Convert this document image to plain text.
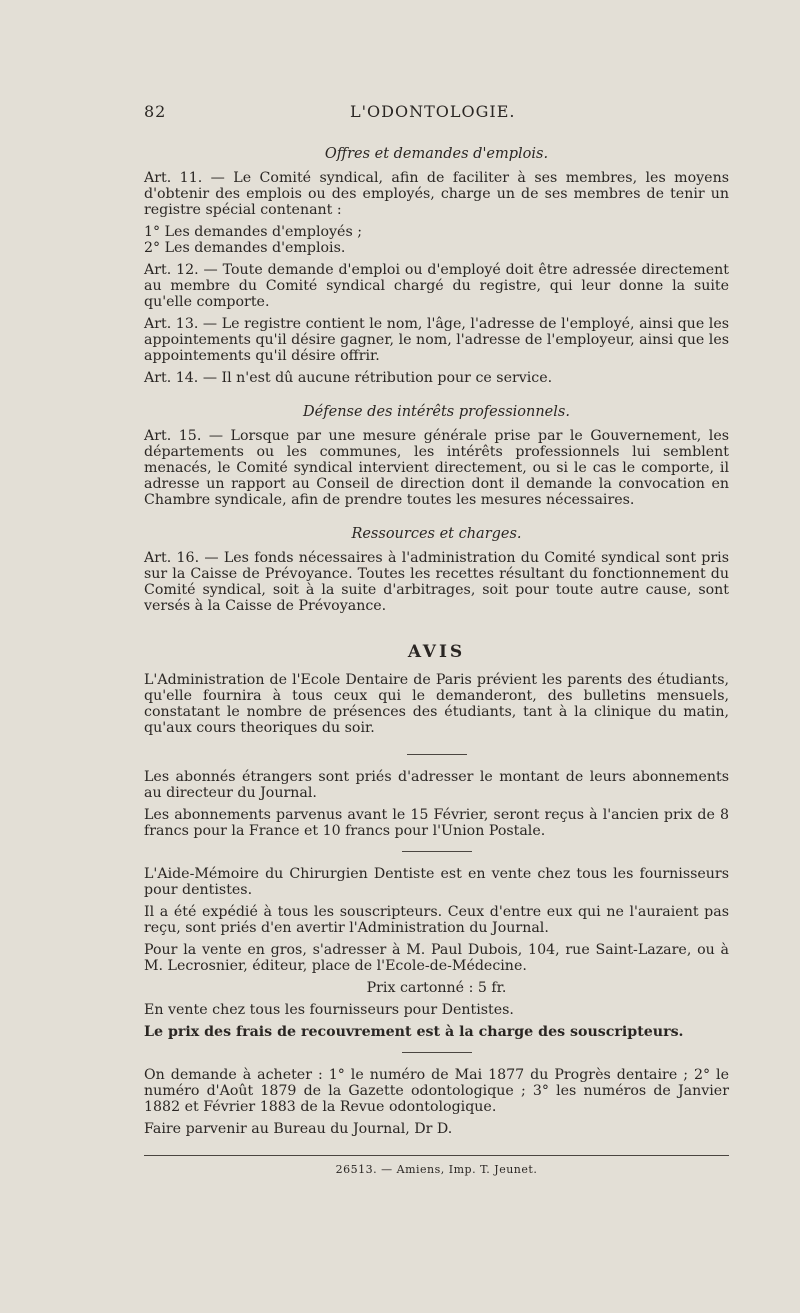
82	L'ODONTOLOGIE.
Offres et demandes d'emplois.

Art. 11. — Le Comité syndical, afin de faciliter à ses membres, les moyens d'obtenir des emplois ou des employés, charge un de ses membres de tenir un registre spécial contenant :

1° Les demandes d'employés ;

2° Les demandes d'emplois.

Art. 12. — Toute demande d'emploi ou d'employé doit être adressée directement au membre du Comité syndical chargé du registre, qui leur donne la suite qu'elle comporte.

Art. 13. — Le registre contient le nom, l'âge, l'adresse de l'employé, ainsi que les appointements qu'il désire gagner, le nom, l'adresse de l'employeur, ainsi que les appointements qu'il désire offrir.

Art. 14. — Il n'est dû aucune rétribution pour ce service.

Défense des intérêts professionnels.

Art. 15. — Lorsque par une mesure générale prise par le Gouvernement, les départements ou les communes, les intérêts professionnels lui semblent menacés, le Comité syndical intervient directement, ou si le cas le comporte, il adresse un rapport au Conseil de direction dont il demande la convocation en Chambre syndicale, afin de prendre toutes les mesures nécessaires.

Ressources et charges.

Art. 16. — Les fonds nécessaires à l'administration du Comité syndical sont pris sur la Caisse de Prévoyance. Toutes les recettes résultant du fonctionnement du Comité syndical, soit à la suite d'arbitrages, soit pour toute autre cause, sont versés à la Caisse de Prévoyance.

AVIS

L'Administration de l'Ecole Dentaire de Paris prévient les parents des étudiants, qu'elle fournira à tous ceux qui le demanderont, des bulletins mensuels, constatant le nombre de présences des étudiants, tant à la clinique du matin, qu'aux cours theoriques du soir.

Les abonnés étrangers sont priés d'adresser le montant de leurs abonnements au directeur du Journal.

Les abonnements parvenus avant le 15 Février, seront reçus à l'ancien prix de 8 francs pour la France et 10 francs pour l'Union Postale.

L'Aide-Mémoire du Chirurgien Dentiste est en vente chez tous les fournisseurs pour dentistes.

Il a été expédié à tous les souscripteurs. Ceux d'entre eux qui ne l'auraient pas reçu, sont priés d'en avertir l'Administration du Journal.

Pour la vente en gros, s'adresser à M. Paul Dubois, 104, rue Saint-Lazare, ou à M. Lecrosnier, éditeur, place de l'Ecole-de-Médecine.

Prix cartonné : 5 fr.

En vente chez tous les fournisseurs pour Dentistes.

Le prix des frais de recouvrement est à la charge des souscripteurs.

On demande à acheter : 1° le numéro de Mai 1877 du Progrès dentaire ; 2° le numéro d'Août 1879 de la Gazette odontologique ; 3° les numéros de Janvier 1882 et Février 1883 de la Revue odontologique.

Faire parvenir au Bureau du Journal, Dr D.

26513. — Amiens, Imp. T. Jeunet.
